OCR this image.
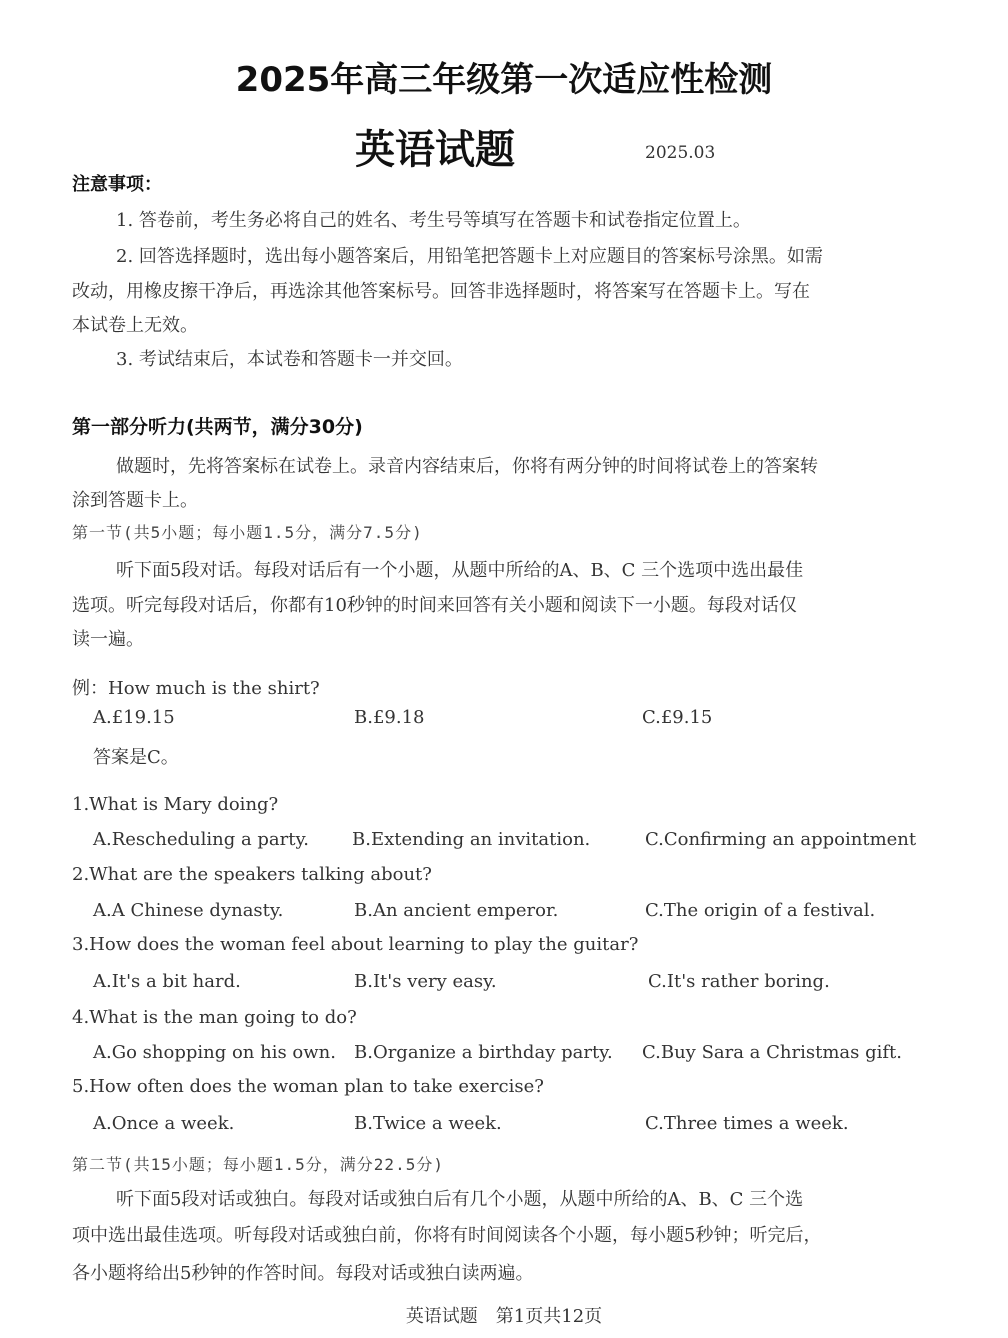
2025年高三年级第一次适应性检测
英语试题	2025.03
注意事项：
1. 答卷前，考生务必将自己的姓名、考生号等填写在答题卡和试卷指定位置上。
2. 回答选择题时，选出每小题答案后，用铅笔把答题卡上对应题目的答案标号涂黑。如需
改动，用橡皮擦干净后，再选涂其他答案标号。回答非选择题时，将答案写在答题卡上。写在
本试卷上无效。
3. 考试结束后，本试卷和答题卡一并交回。
第一部分听力(共两节，满分30分)
做题时，先将答案标在试卷上。录音内容结束后，你将有两分钟的时间将试卷上的答案转
涂到答题卡上。
第一节(共5小题；每小题1.5分，满分7.5分)
听下面5段对话。每段对话后有一个小题，从题中所给的A、B、C 三个选项中选出最佳
选项。听完每段对话后，你都有10秒钟的时间来回答有关小题和阅读下一小题。每段对话仅
读一遍。
例：How much is the shirt?
A.£19.15	B.£9.18	C.£9.15
答案是C。
1.What is Mary doing?
A.Rescheduling a party. B.Extending an invitation.	C.Confirming an appointment
2.What are the speakers talking about?
A.A Chinese dynasty.	B.An ancient emperor.	C.The origin of a festival.
3.How does the woman feel about learning to play the guitar?
A.It's a bit hard.	B.It's very easy.	C.It's rather boring.
4.What is the man going to do?
A.Go shopping on his own. B.Organize a birthday party. C.Buy Sara a Christmas gift.
5.How often does the woman plan to take exercise?
A.Once a week.	B.Twice a week.	C.Three times a week.
第二节(共15小题；每小题1.5分，满分22.5分)
听下面5段对话或独白。每段对话或独白后有几个小题，从题中所给的A、B、C 三个选
项中选出最佳选项。听每段对话或独白前，你将有时间阅读各个小题，每小题5秒钟；听完后，
各小题将给出5秒钟的作答时间。每段对话或独白读两遍。
英语试题　第1页共12页
